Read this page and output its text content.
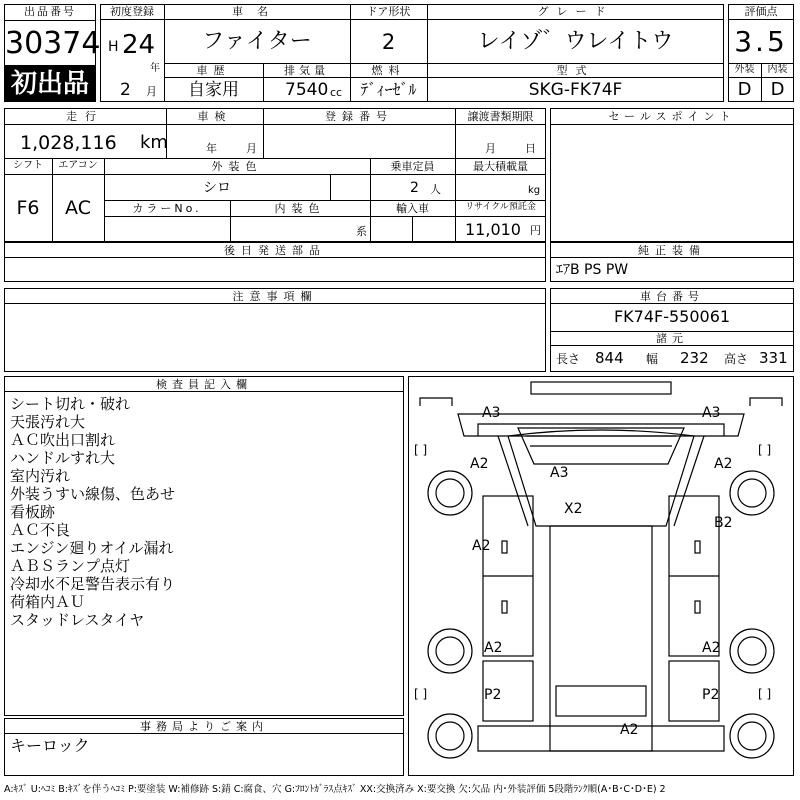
出品番号
30374
初出品
初度登録
H 24
年
2 月
車名
ファイター
ドア形状
2
グレード
レイゾ゛ウレイトウ
車歴
自家用
排気量
7540 cc
燃料
ﾃﾞｨｰｾﾞﾙ
型式
SKG-FK74F
評価点
3.5
外装	内装
D	D
走行
1,028,116 km
車検
年	月
登録番号	譲渡書類期限
月	日
シフト
F6
エアコン
AC
外装色
シロ
乗車定員
2 人
最大積載量
kg
カラーNo.	内装色
系
輸入車	リサイクル預託金
11,010 円
セールスポイント
後日発送部品	純正装備
ｴｱB PS PW
注意事項欄	車台番号
FK74F-550061
諸元
長さ 844 幅 232 高さ 331
検査員記入欄
シート切れ・破れ
天張汚れ大
ＡＣ吹出口割れ
ハンドルすれ大
室内汚れ
外装うすい線傷、色あせ
看板跡
ＡＣ不良
エンジン廻りオイル漏れ
ＡＢＳランプ点灯
冷却水不足警告表示有り
荷箱内ＡＵ
スタッドレスタイヤ
事務局よりご案内
キーロック
A3	A3
A2	A2
A3
X2
A2
B2
A2	A2
P2	P2
A2
[ ]	[ ]
[ ]	[ ]
A:ｷｽﾞ U:ﾍｺﾐ B:ｷｽﾞを伴うﾍｺﾐ P:要塗装 W:補修跡 S:錆 C:腐食、穴 G:ﾌﾛﾝﾄｶﾞﾗｽ点ｷｽﾞ XX:交換済み X:要交換 欠:欠品 内･外装評価 5段階ﾗﾝｸ順(A･B･C･D･E) 2
